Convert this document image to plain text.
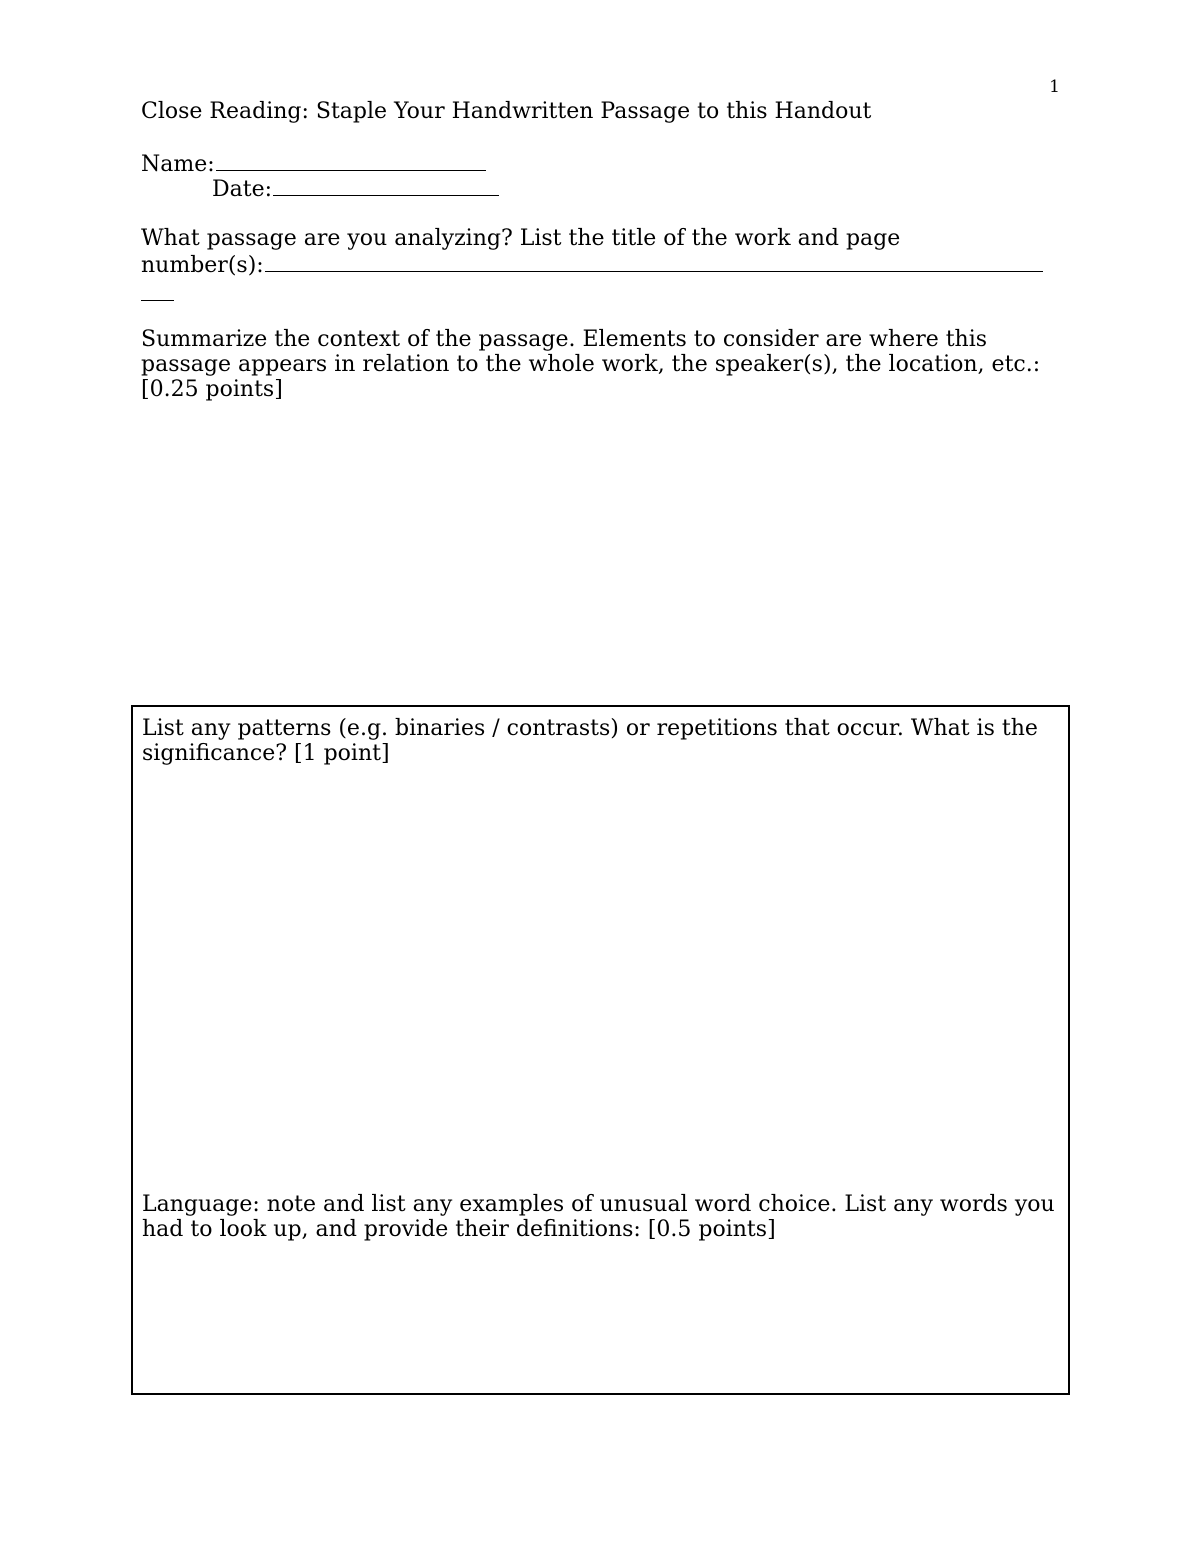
1
Close Reading: Staple Your Handwritten Passage to this Handout
Name:
Date:
What passage are you analyzing? List the title of the work and page
number(s):
Summarize the context of the passage. Elements to consider are where this passage appears in relation to the whole work, the speaker(s), the location, etc.: [0.25 points]
List any patterns (e.g. binaries / contrasts) or repetitions that occur. What is the significance? [1 point]
Language: note and list any examples of unusual word choice. List any words you had to look up, and provide their definitions: [0.5 points]
